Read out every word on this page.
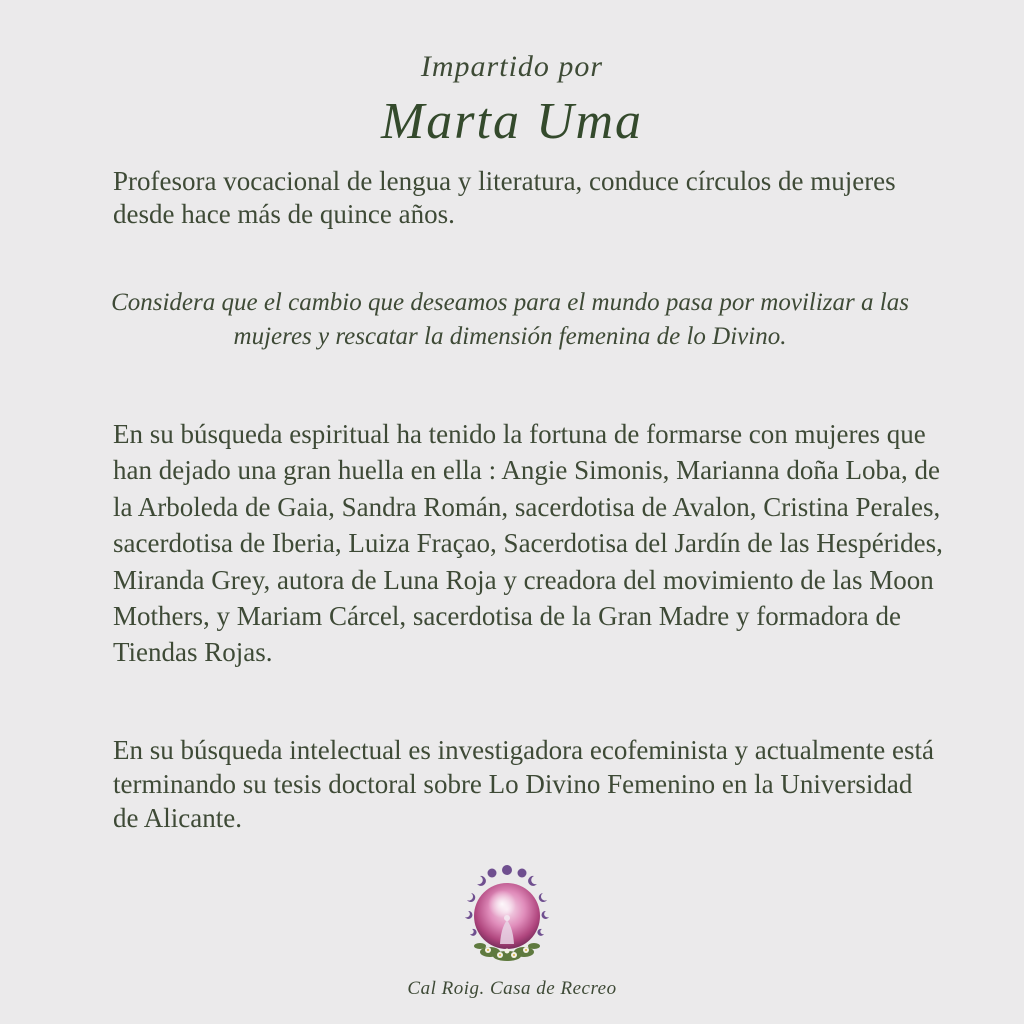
Impartido por
Marta Uma

Profesora vocacional de lengua y literatura, conduce círculos de mujeres desde hace más de quince años.

Considera que el cambio que deseamos para el mundo pasa por movilizar a las mujeres y rescatar la dimensión femenina de lo Divino.

En su búsqueda espiritual ha tenido la fortuna de formarse con mujeres que han dejado una gran huella en ella : Angie Simonis, Marianna doña Loba, de la Arboleda de Gaia, Sandra Román, sacerdotisa de Avalon, Cristina Perales, sacerdotisa de Iberia, Luiza Fraçao, Sacerdotisa del Jardín de las Hespérides, Miranda Grey, autora de Luna Roja y creadora del movimiento de las Moon Mothers, y Mariam Cárcel, sacerdotisa de la Gran Madre y formadora de Tiendas Rojas.

En su búsqueda intelectual es investigadora ecofeminista y actualmente está terminando su tesis doctoral sobre Lo Divino Femenino en la Universidad de Alicante.

Cal Roig. Casa de Recreo
